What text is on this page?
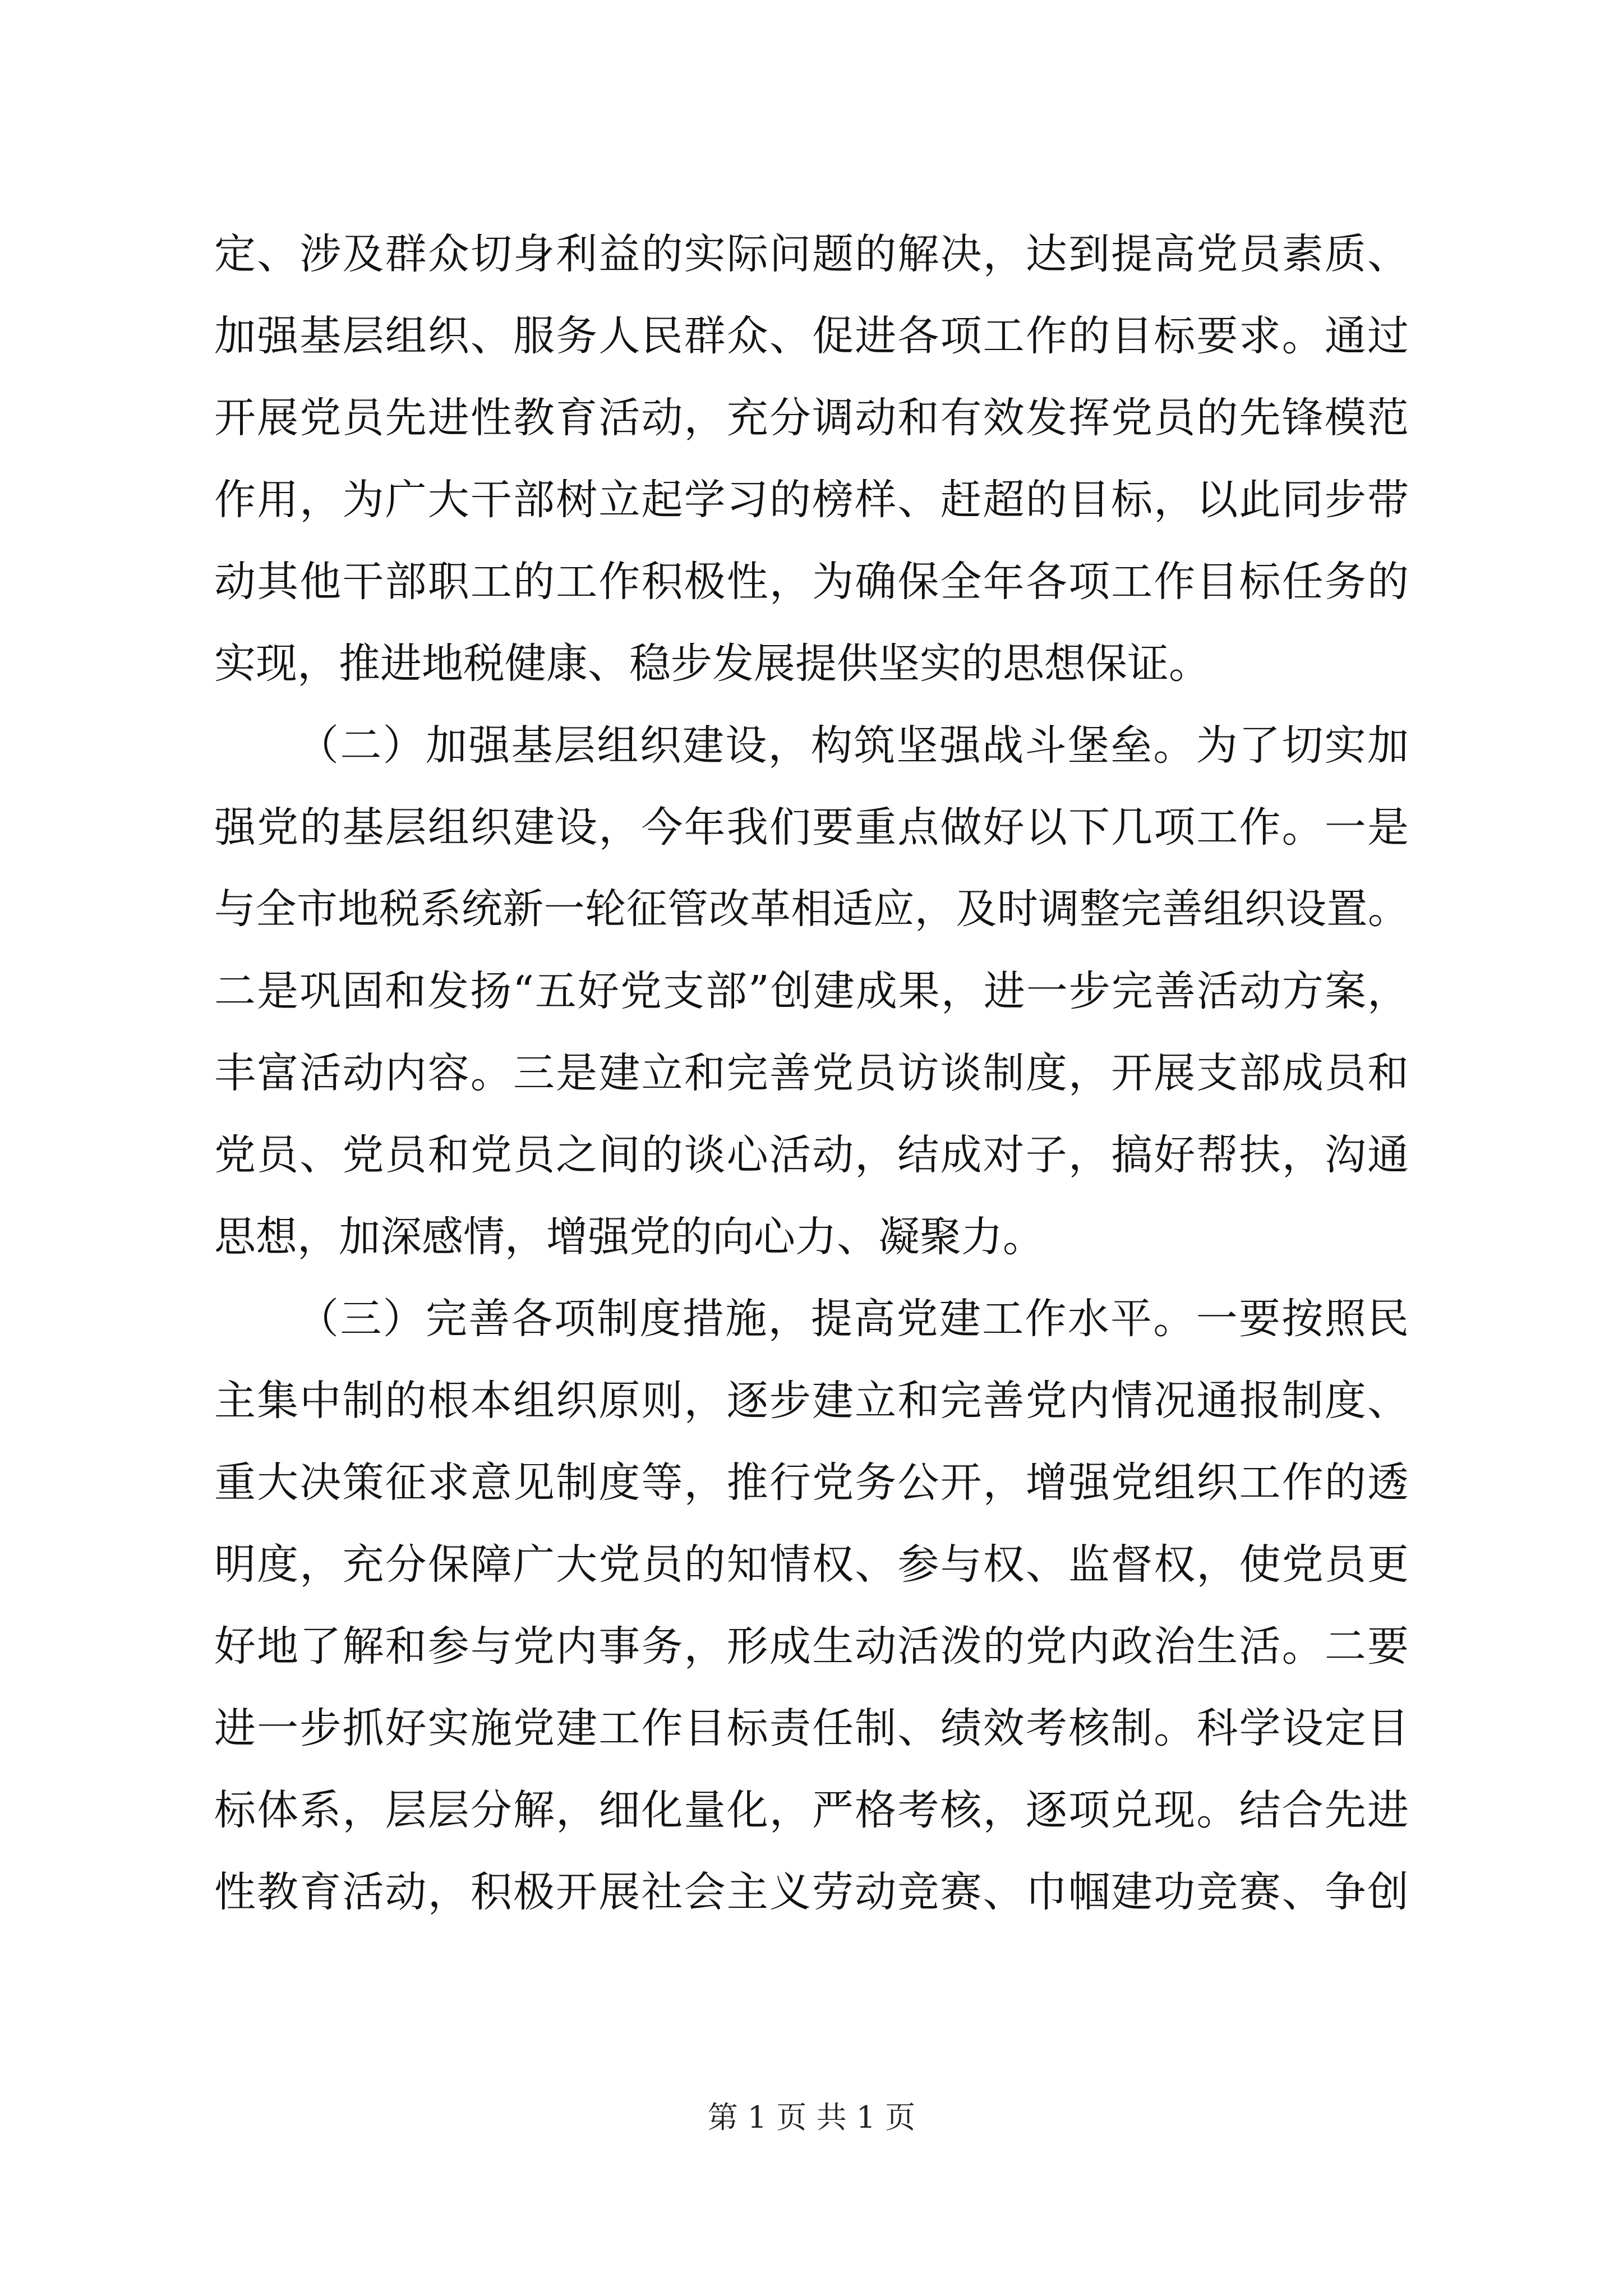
定、涉及群众切身利益的实际问题的解决，达到提高党员素质、
加强基层组织、服务人民群众、促进各项工作的目标要求。通过
开展党员先进性教育活动，充分调动和有效发挥党员的先锋模范
作用，为广大干部树立起学习的榜样、赶超的目标，以此同步带
动其他干部职工的工作积极性，为确保全年各项工作目标任务的
实现，推进地税健康、稳步发展提供坚实的思想保证。
（二）加强基层组织建设，构筑坚强战斗堡垒。为了切实加
强党的基层组织建设，今年我们要重点做好以下几项工作。一是
与全市地税系统新一轮征管改革相适应，及时调整完善组织设置。
二是巩固和发扬“五好党支部”创建成果，进一步完善活动方案，
丰富活动内容。三是建立和完善党员访谈制度，开展支部成员和
党员、党员和党员之间的谈心活动，结成对子，搞好帮扶，沟通
思想，加深感情，增强党的向心力、凝聚力。
（三）完善各项制度措施，提高党建工作水平。一要按照民
主集中制的根本组织原则，逐步建立和完善党内情况通报制度、
重大决策征求意见制度等，推行党务公开，增强党组织工作的透
明度，充分保障广大党员的知情权、参与权、监督权，使党员更
好地了解和参与党内事务，形成生动活泼的党内政治生活。二要
进一步抓好实施党建工作目标责任制、绩效考核制。科学设定目
标体系，层层分解，细化量化，严格考核，逐项兑现。结合先进
性教育活动，积极开展社会主义劳动竞赛、巾帼建功竞赛、争创
第 1 页 共 1 页
